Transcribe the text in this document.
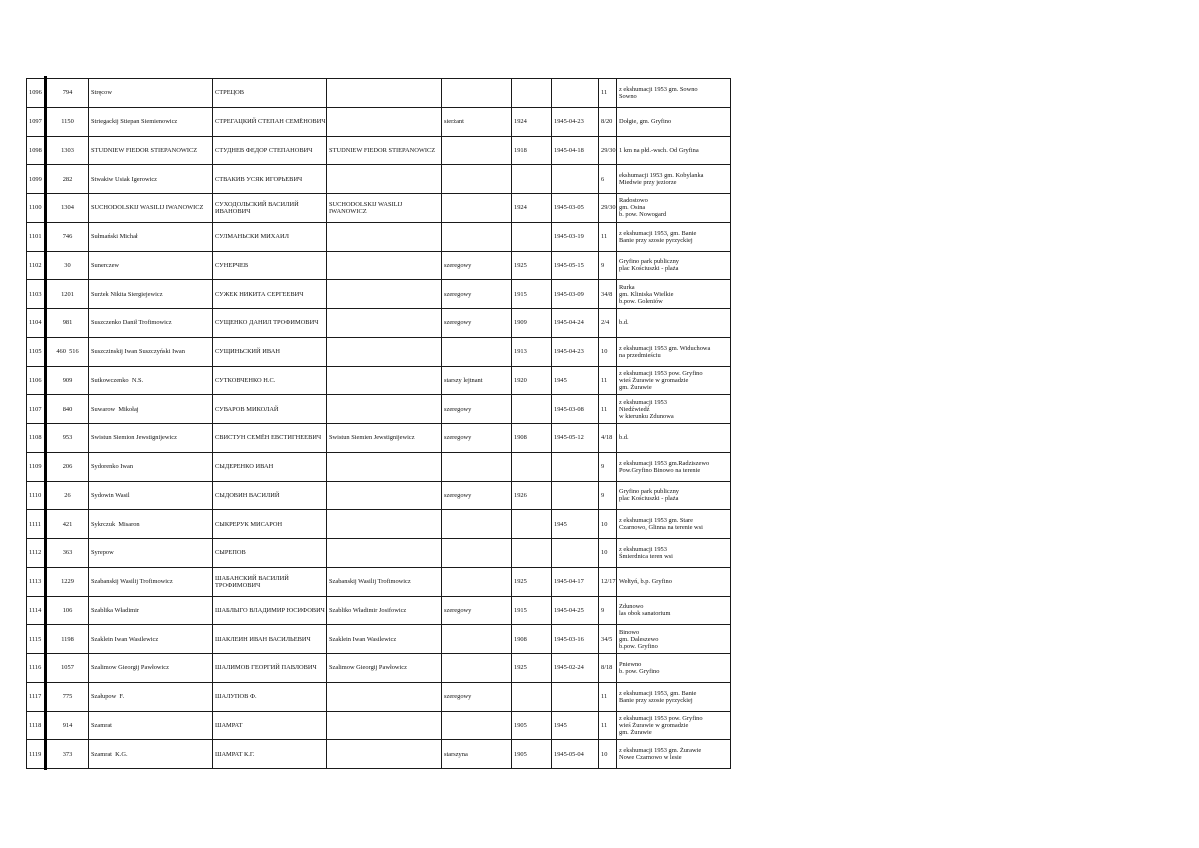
1096	794	Stręcow	СТРЕЦОВ					11	z ekshumacji 1953 gm. Sowno
Sowno
1097	1150	Striegackij Stiepan Siemienowicz	СТРЕГАЦКИЙ СТЕПАН СЕМЁНОВИЧ		sierżant	1924	1945-04-23	8/20	Dołgie, gm. Gryfino
1098	1303	STUDNIEW FIEDOR STIEPANOWICZ	СТУДНЕВ ФЕДОР СТЕПАНОВИЧ	STUDNIEW FIEDOR STIEPANOWICZ		1918	1945-04-18	29/30	1 km na płd.-wsch. Od Gryfina
1099	282	Stwakiw Usiak Igerowicz	СТВАКИВ УСЯК ИГОРЬЕВИЧ					6	ekshumacji 1953 gm. Kobylanka
Miedwie przy jeziorze
1100	1304	SUCHODOLSKIJ WASILIJ IWANOWICZ	СУХОДОЛЬСКИЙ ВАСИЛИЙ
ИВАНОВИЧ	SUCHODOLSKIJ WASILIJ
IWANOWICZ		1924	1945-03-05	29/30	Radostowo
gm. Osina
b. pow. Nowogard
1101	746	Sułmański Michał	СУЛМАНЬСКИ МИХАИЛ				1945-03-19	11	z ekshumacji 1953, gm. Banie
Banie przy szosie pyrzyckiej
1102	30	Sunerczew	СУНЕРЧЕВ		szeregowy	1925	1945-05-15	9	Gryfino park publiczny
plac Kościuszki - plaża
1103	1201	Surżek Nikita Siergiejewicz	СУЖЕК НИКИТА СЕРГЕЕВИЧ		szeregowy	1915	1945-03-09	34/8	Rurka
gm. Kliniska Wielkie
b.pow. Goleniów
1104	981	Suszczenko Danił Trofimowicz	СУЩЕНКО ДАНИЛ ТРОФИМОВИЧ		szeregowy	1909	1945-04-24	2/4	b.d.
1105	460  516	Suszczinskij Iwan Suszczyński Iwan	СУЩИНЬСКИЙ ИВАН			1913	1945-04-23	10	z ekshumacji 1953 gm. Widuchowa
na przedmieściu
1106	909	Sutkowczenko  N.S.	СУТКОВЧЕНКО Н.С.		starszy lejtnant	1920	1945	11	z ekshumacji 1953 pow. Gryfino
wieś Żurawie w gromadzie
gm. Żurawie
1107	840	Suwarow  Mikołaj	СУВАРОВ МИКОЛАЙ		szeregowy		1945-03-08	11	z ekshumacji 1953
Niedźwiedź
w kierunku Zdunowa
1108	953	Swistun Siemion Jewstignijewicz	СВИСТУН СЕМЁН ЕВСТИГНЕЕВИЧ	Swistun Siemien Jewstignijewicz	szeregowy	1908	1945-05-12	4/18	b.d.
1109	206	Sydorenko Iwan	СЫДЕРЕНКО ИВАН					9	z ekshumacji 1953 gm.Radziszewo
Pow.Gryfino Binowo na terenie
1110	26	Sydowin Wasil	СЫДОВИН ВАСИЛИЙ		szeregowy	1926		9	Gryfino park publiczny
plac Kościuszki - plaża
1111	421	Sykrczuk  Misaron	СЫКРЕРУК МИСАРОН				1945	10	z ekshumacji 1953 gm. Stare
Czarnowo, Glinna na terenie wsi
1112	363	Syrepow	СЫРЕПОВ					10	z ekshumacji 1953
Śmierdnica teren wsi
1113	1229	Szabanskij Wasilij Trofimowicz	ШАБАНСКИЙ ВАСИЛИЙ
ТРОФИМОВИЧ	Szabanskij Wasilij Trofimowicz		1925	1945-04-17	12/17	Wełtyń, b.p. Gryfino
1114	106	Szablika Władimir	ШАБЛЫГО ВЛАДИМИР ЮСИФОВИЧ	Szabliko Władimir Josifowicz	szeregowy	1915	1945-04-25	9	Zdunowo
las obok sanatorium
1115	1198	Szaklein Iwan Wasilewicz	ШАКЛЕИН ИВАН ВАСИЛЬЕВИЧ	Szaklein Iwan Wasilewicz		1908	1945-03-16	34/5	Binowo
gm. Daleszewo
b.pow. Gryfino
1116	1057	Szalimow Gieorgij Pawłowicz	ШАЛИМОВ ГЕОРГИЙ ПАВЛОВИЧ	Szalimow Gieorgij Pawłowicz		1925	1945-02-24	8/18	Pniewno
b. pow. Gryfino
1117	775	Szałupow  F.	ШАЛУПОВ Ф.		szeregowy			11	z ekshumacji 1953, gm. Banie
Banie przy szosie pyrzyckiej
1118	914	Szamrat	ШАМРАТ			1905	1945	11	z ekshumacji 1953 pow. Gryfino
wieś Żurawie w gromadzie
gm. Żurawie
1119	373	Szamrat  K.G.	ШАМРАТ К.Г.		starszyna	1905	1945-05-04	10	z ekshumacji 1953 gm. Żurawie
Nowe Czarnowo w lesie
